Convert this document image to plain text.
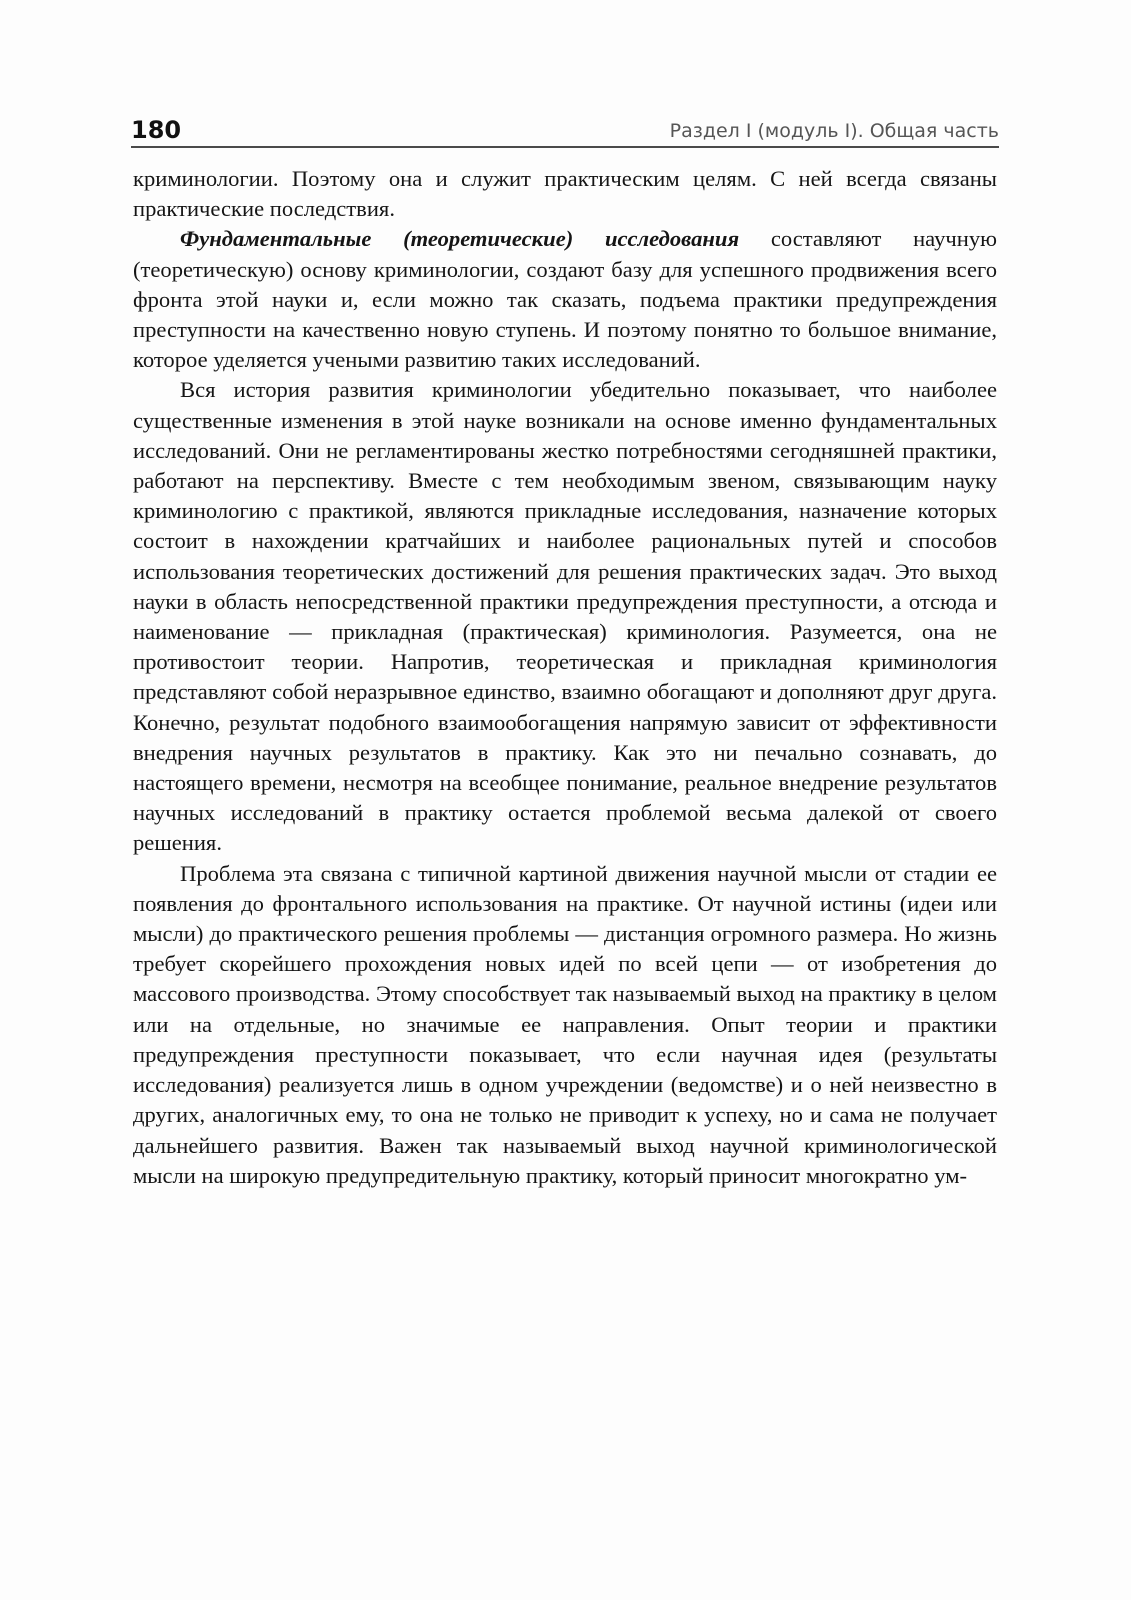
180	Раздел I (модуль I). Общая часть

криминологии. Поэтому она и служит практическим целям. С ней всегда связаны практические последствия.

Фундаментальные (теоретические) исследования составляют научную (теоретическую) основу криминологии, создают базу для успешного продвижения всего фронта этой науки и, если можно так сказать, подъема практики предупреждения преступности на качественно новую ступень. И поэтому понятно то большое внимание, которое уделяется учеными развитию таких исследований.

Вся история развития криминологии убедительно показывает, что наиболее существенные изменения в этой науке возникали на основе именно фундаментальных исследований. Они не регламентированы жестко потребностями сегодняшней практики, работают на перспективу. Вместе с тем необходимым звеном, связывающим науку криминологию с практикой, являются прикладные исследования, назначение которых состоит в нахождении кратчайших и наиболее рациональных путей и способов использования теоретических достижений для решения практических задач. Это выход науки в область непосредственной практики предупреждения преступности, а отсюда и наименование — прикладная (практическая) криминология. Разумеется, она не противостоит теории. Напротив, теоретическая и прикладная криминология представляют собой неразрывное единство, взаимно обогащают и дополняют друг друга. Конечно, результат подобного взаимообогащения напрямую зависит от эффективности внедрения научных результатов в практику. Как это ни печально сознавать, до настоящего времени, несмотря на всеобщее понимание, реальное внедрение результатов научных исследований в практику остается проблемой весьма далекой от своего решения.

Проблема эта связана с типичной картиной движения научной мысли от стадии ее появления до фронтального использования на практике. От научной истины (идеи или мысли) до практического решения проблемы — дистанция огромного размера. Но жизнь требует скорейшего прохождения новых идей по всей цепи — от изобретения до массового производства. Этому способствует так называемый выход на практику в целом или на отдельные, но значимые ее направления. Опыт теории и практики предупреждения преступности показывает, что если научная идея (результаты исследования) реализуется лишь в одном учреждении (ведомстве) и о ней неизвестно в других, аналогичных ему, то она не только не приводит к успеху, но и сама не получает дальнейшего развития. Важен так называемый выход научной криминологической мысли на широкую предупредительную практику, который приносит многократно ум-
